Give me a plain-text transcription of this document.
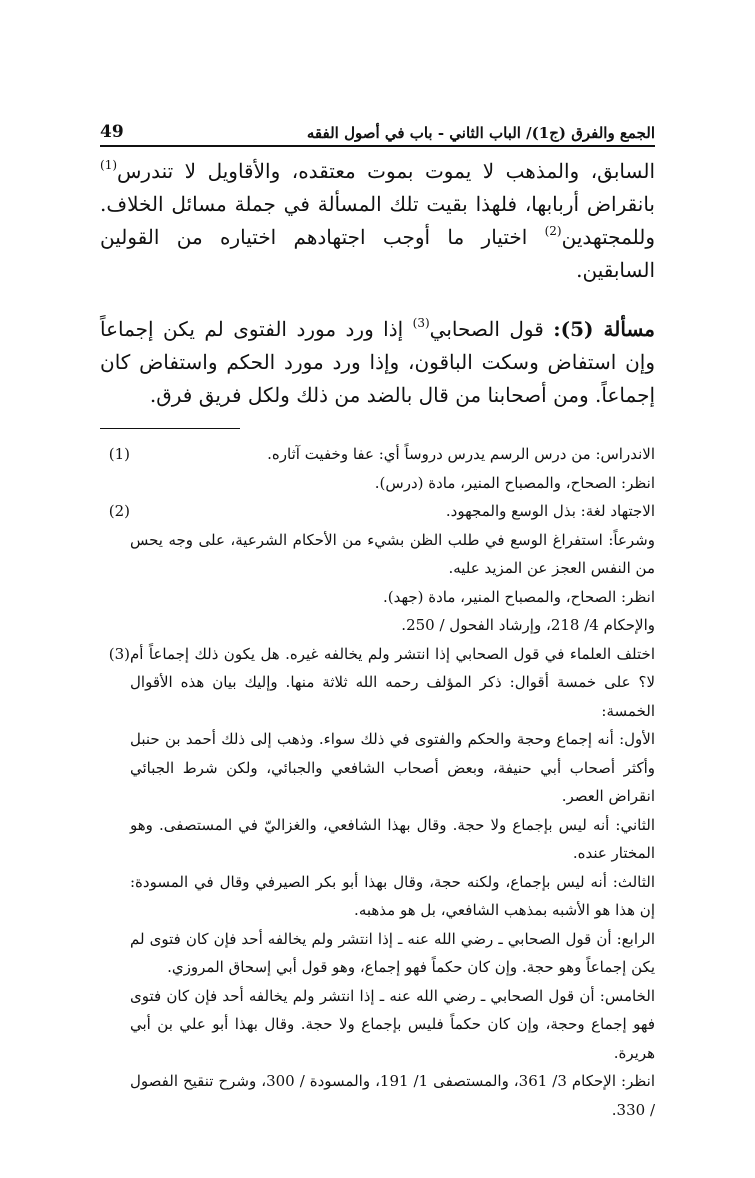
الجمع والفرق (ج1)/ الباب الثاني - باب في أصول الفقه
49

السابق، والمذهب لا يموت بموت معتقده، والأقاويل لا تندرس$^{(1)}$ بانقراض أربابها، فلهذا بقيت تلك المسألة في جملة مسائل الخلاف. وللمجتهدين$^{(2)}$ اختيار ما أوجب اجتهادهم اختياره من القولين السابقين.

مسألة (5): قول الصحابي$^{(3)}$ إذا ورد مورد الفتوى لم يكن إجماعاً وإن استفاض وسكت الباقون، وإذا ورد مورد الحكم واستفاض كان إجماعاً. ومن أصحابنا من قال بالضد من ذلك ولكل فريق فرق.

الاندراس: من درس الرسم يدرس دروساً أي: عفا وخفيت آثاره.
انظر: الصحاح، والمصباح المنير، مادة (درس).
(1)
الاجتهاد لغة: بذل الوسع والمجهود.
وشرعاً: استفراغ الوسع في طلب الظن بشيء من الأحكام الشرعية، على وجه يحس من النفس العجز عن المزيد عليه.
انظر: الصحاح، والمصباح المنير، مادة (جهد).
والإحكام 4/ 218، وإرشاد الفحول / 250.
(2)
اختلف العلماء في قول الصحابي إذا انتشر ولم يخالفه غيره. هل يكون ذلك إجماعاً أم لا؟ على خمسة أقوال: ذكر المؤلف رحمه الله ثلاثة منها. وإليك بيان هذه الأقوال الخمسة:
الأول: أنه إجماع وحجة والحكم والفتوى في ذلك سواء. وذهب إلى ذلك أحمد بن حنبل وأكثر أصحاب أبي حنيفة، وبعض أصحاب الشافعي والجبائي، ولكن شرط الجبائي انقراض العصر.
الثاني: أنه ليس بإجماع ولا حجة. وقال بهذا الشافعي، والغزاليّ في المستصفى. وهو المختار عنده.
الثالث: أنه ليس بإجماع، ولكنه حجة، وقال بهذا أبو بكر الصيرفي وقال في المسودة: إن هذا هو الأشبه بمذهب الشافعي، بل هو مذهبه.
الرابع: أن قول الصحابي ـ رضي الله عنه ـ إذا انتشر ولم يخالفه أحد فإن كان فتوى لم يكن إجماعاً وهو حجة. وإن كان حكماً فهو إجماع، وهو قول أبي إسحاق المروزي.
الخامس: أن قول الصحابي ـ رضي الله عنه ـ إذا انتشر ولم يخالفه أحد فإن كان فتوى فهو إجماع وحجة، وإن كان حكماً فليس بإجماع ولا حجة. وقال بهذا أبو علي بن أبي هريرة.
انظر: الإحكام 3/ 361، والمستصفى 1/ 191، والمسودة / 300، وشرح تنقيح الفصول / 330.
(3)
